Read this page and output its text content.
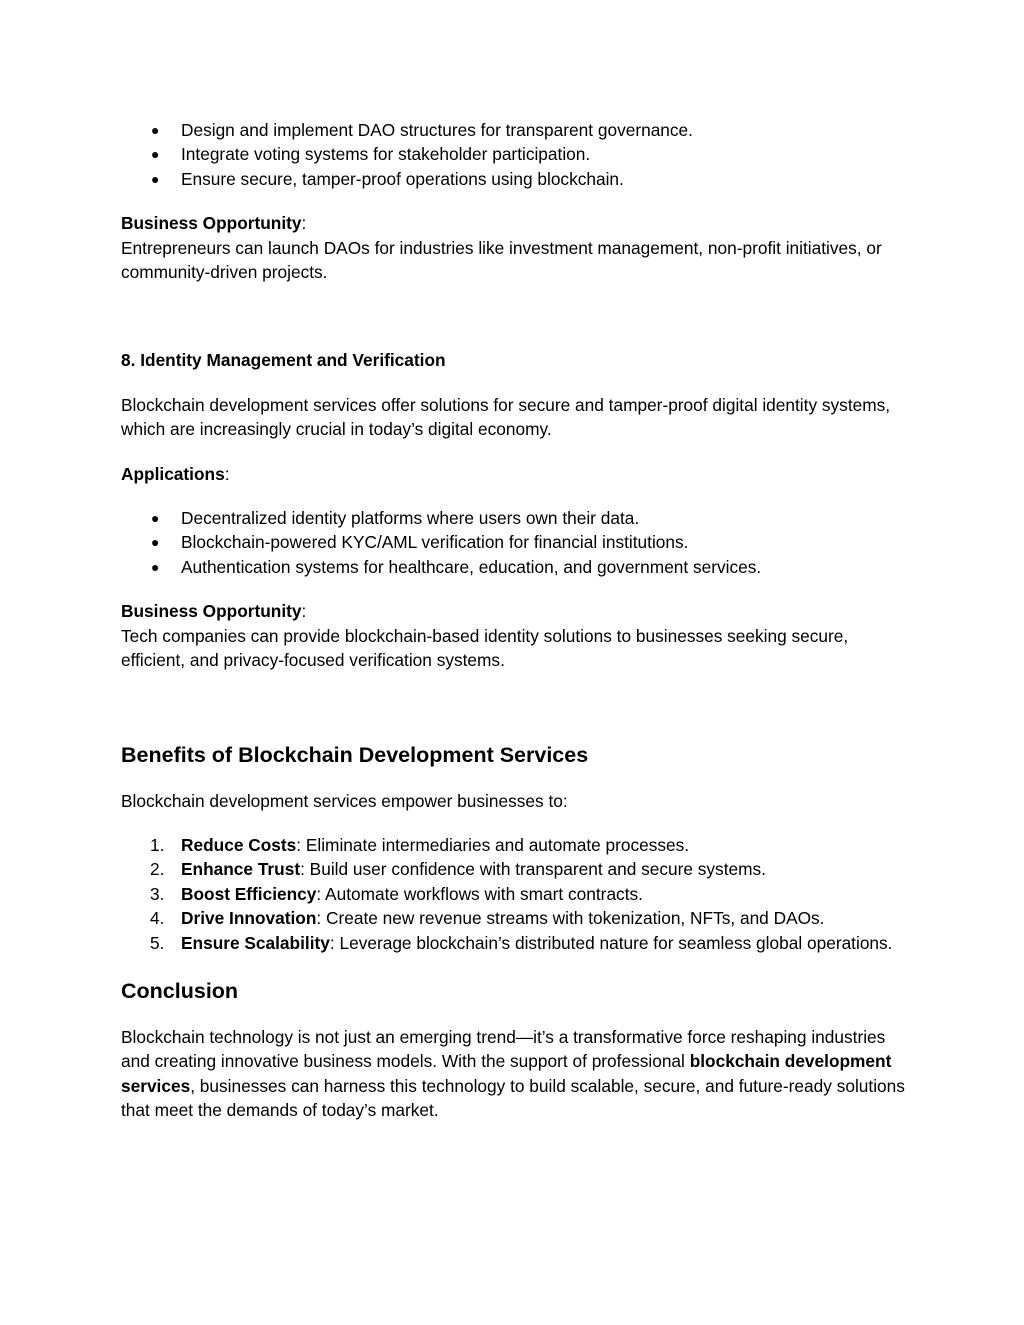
● Design and implement DAO structures for transparent governance.
● Integrate voting systems for stakeholder participation.
● Ensure secure, tamper-proof operations using blockchain.

Business Opportunity:

Entrepreneurs can launch DAOs for industries like investment management, non-profit initiatives, or community-driven projects.

8. Identity Management and Verification

Blockchain development services offer solutions for secure and tamper-proof digital identity systems, which are increasingly crucial in today’s digital economy.

Applications:

● Decentralized identity platforms where users own their data.
● Blockchain-powered KYC/AML verification for financial institutions.
● Authentication systems for healthcare, education, and government services.

Business Opportunity:

Tech companies can provide blockchain-based identity solutions to businesses seeking secure, efficient, and privacy-focused verification systems.

Benefits of Blockchain Development Services

Blockchain development services empower businesses to:

1. Reduce Costs: Eliminate intermediaries and automate processes.
2. Enhance Trust: Build user confidence with transparent and secure systems.
3. Boost Efficiency: Automate workflows with smart contracts.
4. Drive Innovation: Create new revenue streams with tokenization, NFTs, and DAOs.
5. Ensure Scalability: Leverage blockchain’s distributed nature for seamless global operations.

Conclusion

Blockchain technology is not just an emerging trend—it’s a transformative force reshaping industries and creating innovative business models. With the support of professional blockchain development services, businesses can harness this technology to build scalable, secure, and future-ready solutions that meet the demands of today’s market.
